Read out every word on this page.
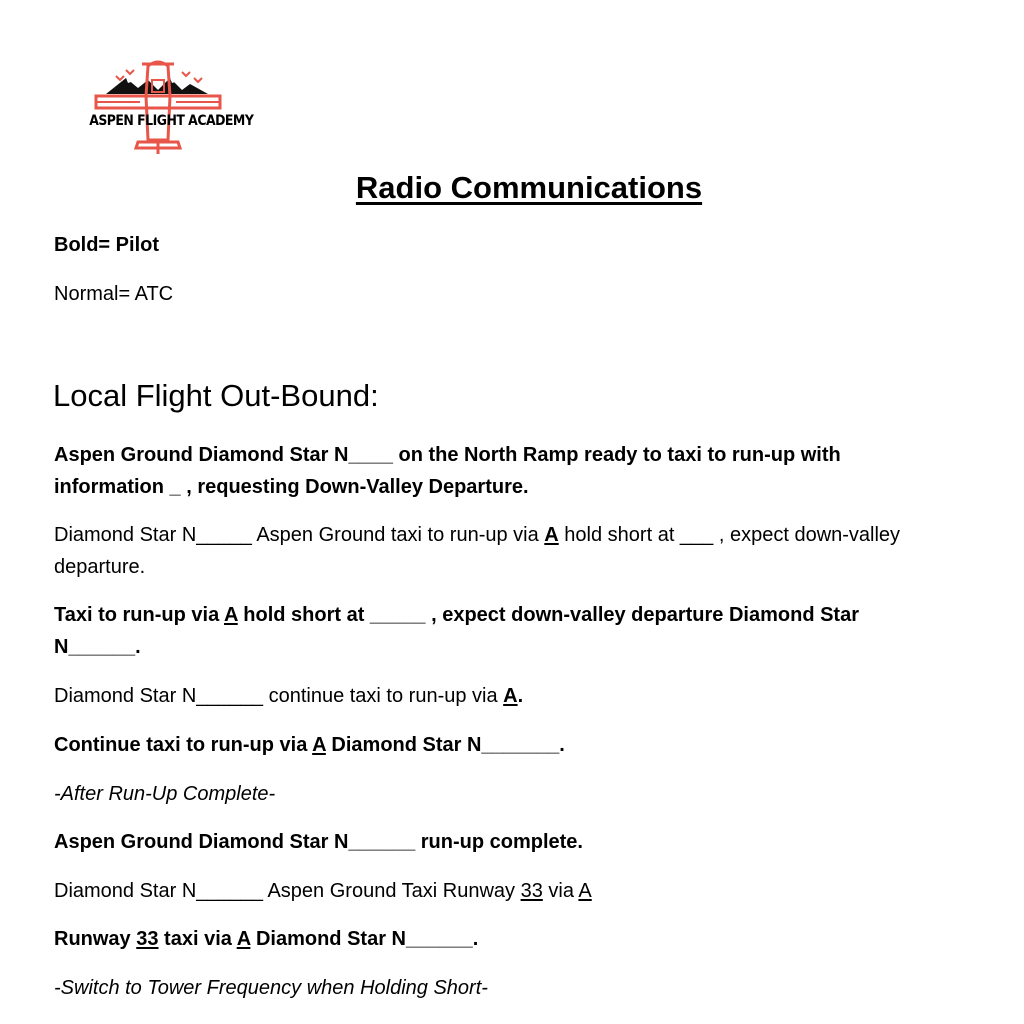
ASPEN FLIGHT ACADEMY
Radio Communications

Bold= Pilot

Normal= ATC

Local Flight Out-Bound:

Aspen Ground Diamond Star N____ on the North Ramp ready to taxi to run-up with

information _ , requesting Down-Valley Departure.

Diamond Star N_____ Aspen Ground taxi to run-up via A hold short at ___ , expect down-valley

departure.

Taxi to run-up via A hold short at _____ , expect down-valley departure Diamond Star

N______.

Diamond Star N______ continue taxi to run-up via A.

Continue taxi to run-up via A Diamond Star N_______.

-After Run-Up Complete-

Aspen Ground Diamond Star N______ run-up complete.

Diamond Star N______ Aspen Ground Taxi Runway 33 via A

Runway 33 taxi via A Diamond Star N______.

-Switch to Tower Frequency when Holding Short-
